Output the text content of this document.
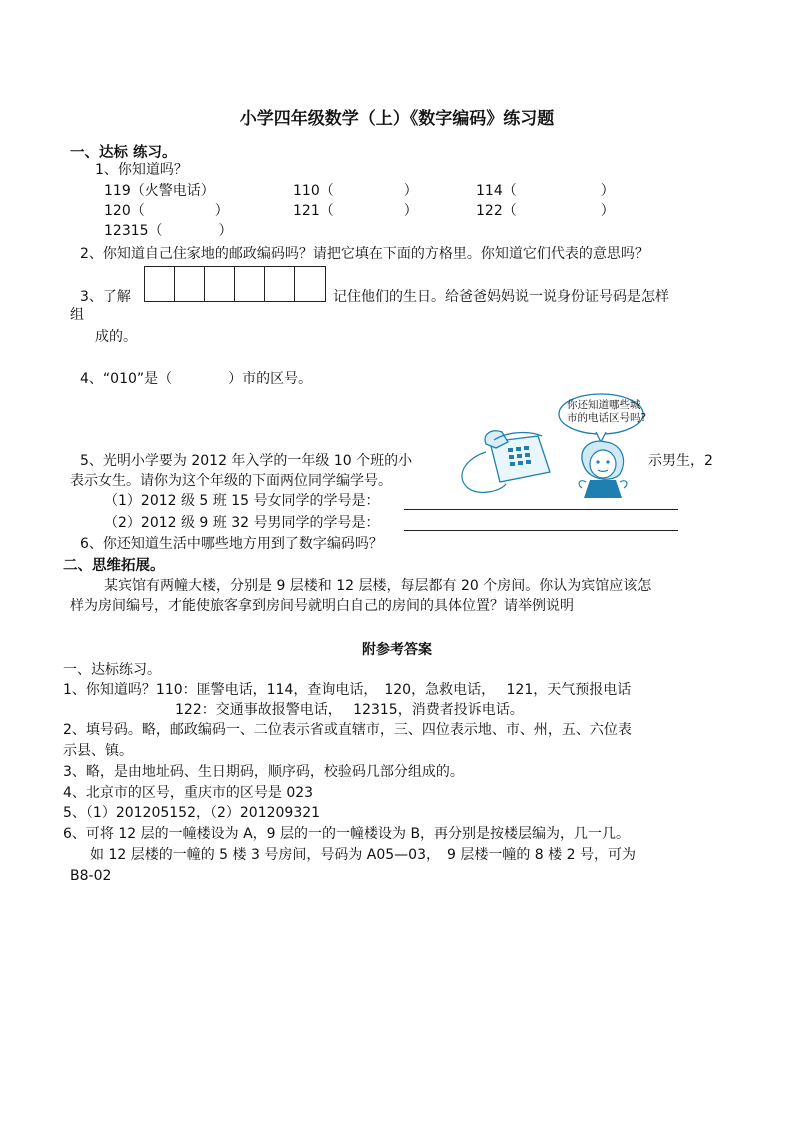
小学四年级数学（上）《数字编码》练习题
一、达标 练习。
1、你知道吗？
119（火警电话）	110（　　　　　）	114（　　　　　　）
120（　　　　　）	121（　　　　　）	122（　　　　　　）
12315（　　　　）
2、你知道自己住家地的邮政编码吗？请把它填在下面的方格里。你知道它们代表的意思吗？
3、了解	记住他们的生日。给爸爸妈妈说一说身份证号码是怎样
组
成的。
4、“010”是（　　　　）市的区号。
5、光明小学要为 2012 年入学的一年级 10 个班的小	示男生，2
表示女生。请你为这个年级的下面两位同学编学号。
（1）2012 级 5 班 15 号女同学的学号是：
（2）2012 级 9 班 32 号男同学的学号是：
你还知道哪些城
市的电话区号吗?
6、你还知道生活中哪些地方用到了数字编码吗？
二、思维拓展。
某宾馆有两幢大楼，分别是 9 层楼和 12 层楼，每层都有 20 个房间。你认为宾馆应该怎
样为房间编号，才能使旅客拿到房间号就明白自己的房间的具体位置？请举例说明
附参考答案
一、达标练习。
1、你知道吗？110：匪警电话，114，查询电话，　120，急救电话，　 121，天气预报电话
122：交通事故报警电话，　 12315，消费者投诉电话。
2、填号码。略，邮政编码一、二位表示省或直辖市，三、四位表示地、市、州，五、六位表
示县、镇。
3、略，是由地址码、生日期码，顺序码，校验码几部分组成的。
4、北京市的区号，重庆市的区号是 023
5、（1）201205152，（2）201209321
6、可将 12 层的一幢楼设为 A，9 层的一的一幢楼设为 B，再分别是按楼层编为，几一几。
如 12 层楼的一幢的 5 楼 3 号房间，号码为 A05—03，　9 层楼一幢的 8 楼 2 号，可为
B8-02
